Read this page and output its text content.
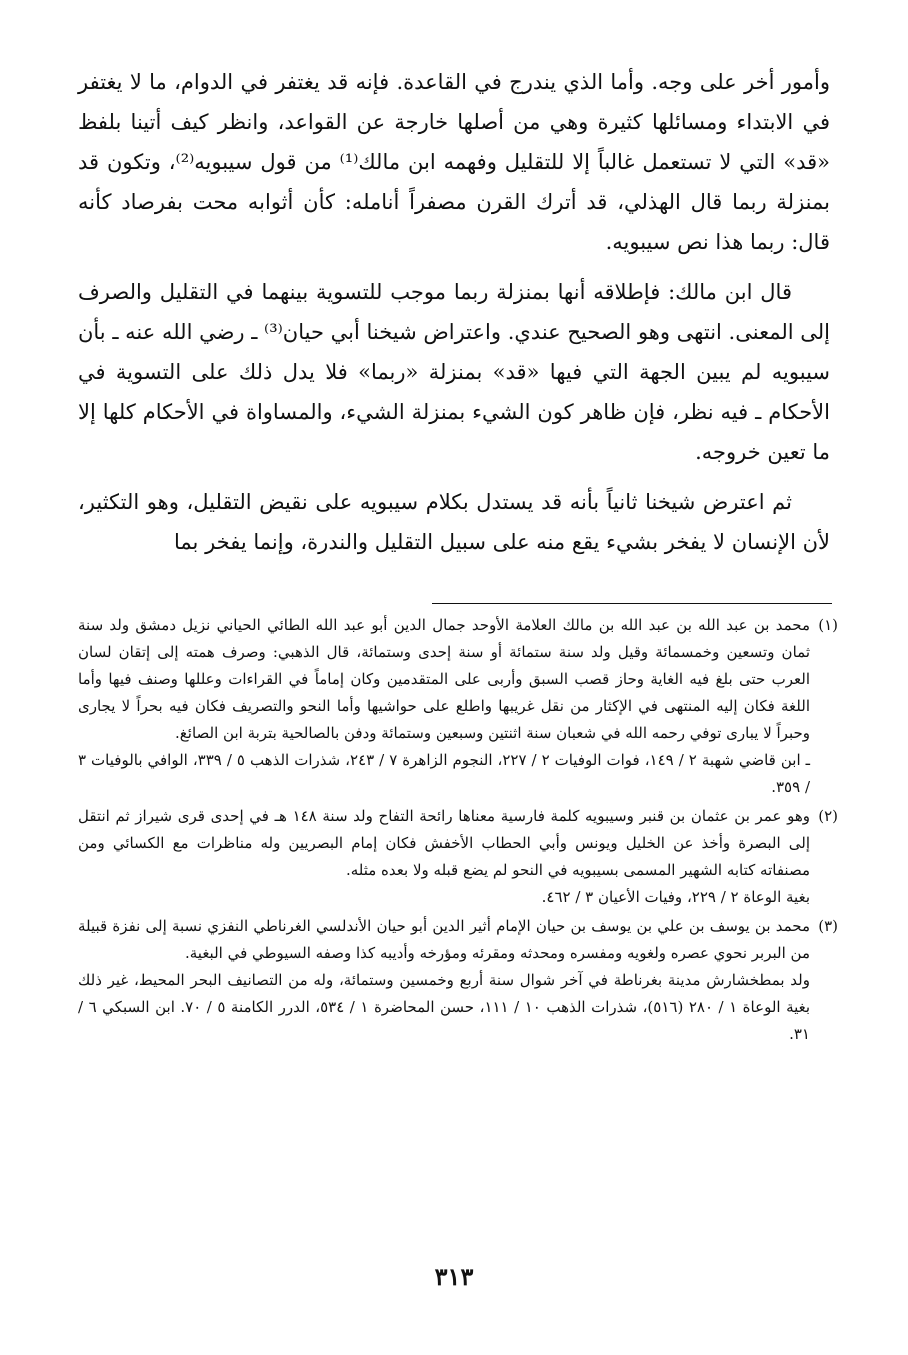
وأمور أخر على وجه. وأما الذي يندرج في القاعدة. فإنه قد يغتفر في الدوام، ما لا يغتفر في الابتداء ومسائلها كثيرة وهي من أصلها خارجة عن القواعد، وانظر كيف أتينا بلفظ «قد» التي لا تستعمل غالباً إلا للتقليل وفهمه ابن مالك⁽¹⁾ من قول سيبويه⁽²⁾، وتكون قد بمنزلة ربما قال الهذلي، قد أترك القرن مصفراً أنامله: كأن أثوابه محت بفرصاد كأنه قال: ربما هذا نص سيبويه.

قال ابن مالك: فإطلاقه أنها بمنزلة ربما موجب للتسوية بينهما في التقليل والصرف إلى المعنى. انتهى وهو الصحيح عندي. واعتراض شيخنا أبي حيان⁽³⁾ ـ رضي الله عنه ـ بأن سيبويه لم يبين الجهة التي فيها «قد» بمنزلة «ربما» فلا يدل ذلك على التسوية في الأحكام ـ فيه نظر، فإن ظاهر كون الشيء بمنزلة الشيء، والمساواة في الأحكام كلها إلا ما تعين خروجه.

ثم اعترض شيخنا ثانياً بأنه قد يستدل بكلام سيبويه على نقيض التقليل، وهو التكثير، لأن الإنسان لا يفخر بشيء يقع منه على سبيل التقليل والندرة، وإنما يفخر بما

(١)

محمد بن عبد الله بن عبد الله بن مالك العلامة الأوحد جمال الدين أبو عبد الله الطائي الحياني نزيل دمشق ولد سنة ثمان وتسعين وخمسمائة وقيل ولد سنة ستمائة أو سنة إحدى وستمائة، قال الذهبي: وصرف همته إلى إتقان لسان العرب حتى بلغ فيه الغاية وحاز قصب السبق وأربى على المتقدمين وكان إماماً في القراءات وعللها وصنف فيها وأما اللغة فكان إليه المنتهى في الإكثار من نقل غريبها واطلع على حواشيها وأما النحو والتصريف فكان فيه بحراً لا يجارى وحبراً لا يبارى توفي رحمه الله في شعبان سنة اثنتين وسبعين وستمائة ودفن بالصالحية بتربة ابن الصائغ.

ـ ابن قاضي شهبة ٢ / ١٤٩، فوات الوفيات ٢ / ٢٢٧، النجوم الزاهرة ٧ / ٢٤٣، شذرات الذهب ٥ / ٣٣٩، الوافي بالوفيات ٣ / ٣٥٩.

(٢)

وهو عمر بن عثمان بن قنبر وسيبويه كلمة فارسية معناها رائحة التفاح ولد سنة ١٤٨ هـ في إحدى قرى شيراز ثم انتقل إلى البصرة وأخذ عن الخليل ويونس وأبي الحطاب الأخفش فكان إمام البصريين وله مناظرات مع الكسائي ومن مصنفاته كتابه الشهير المسمى بسيبويه في النحو لم يضع قبله ولا بعده مثله.

بغية الوعاة ٢ / ٢٢٩، وفيات الأعيان ٣ / ٤٦٢.

(٣)

محمد بن يوسف بن علي بن يوسف بن حيان الإمام أثير الدين أبو حيان الأندلسي الغرناطي النفزي نسبة إلى نفزة قبيلة من البربر نحوي عصره ولغويه ومفسره ومحدثه ومقرئه ومؤرخه وأديبه كذا وصفه السيوطي في البغية.

ولد بمطخشارش مدينة بغرناطة في آخر شوال سنة أربع وخمسين وستمائة، وله من التصانيف البحر المحيط، غير ذلك بغية الوعاة ١ / ٢٨٠ (٥١٦)، شذرات الذهب ١٠ / ١١١، حسن المحاضرة ١ / ٥٣٤، الدرر الكامنة ٥ / ٧٠. ابن السبكي ٦ / ٣١.

٣١٣
